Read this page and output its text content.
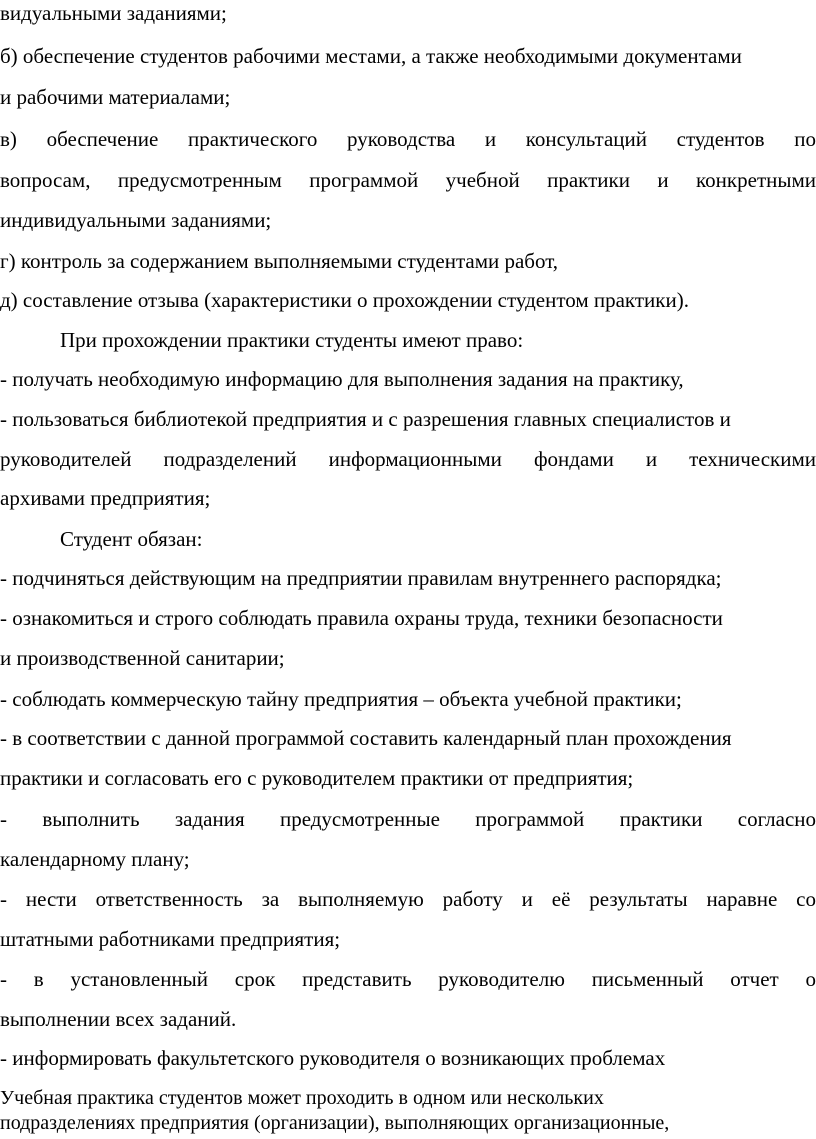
видуальными заданиями;

б) обеспечение студентов рабочими местами, а также необходимыми документами

и рабочими материалами;

в) обеспечение практического руководства и консультаций студентов по

вопросам, предусмотренным программой учебной практики и конкретными

индивидуальными заданиями;

г) контроль за содержанием выполняемыми студентами работ,

д) составление отзыва (характеристики о прохождении студентом практики).

При прохождении практики студенты имеют право:

- получать необходимую информацию для выполнения задания на практику,

- пользоваться библиотекой предприятия и с разрешения главных специалистов и

руководителей подразделений информационными фондами и техническими

архивами предприятия;

Студент обязан:

- подчиняться действующим на предприятии правилам внутреннего распорядка;

- ознакомиться и строго соблюдать правила охраны труда, техники безопасности

и производственной санитарии;

- соблюдать коммерческую тайну предприятия – объекта учебной практики;

- в соответствии с данной программой составить календарный план прохождения

практики и согласовать его с руководителем практики от предприятия;

- выполнить задания предусмотренные программой практики согласно

календарному плану;

- нести ответственность за выполняемую работу и её результаты наравне со

штатными работниками предприятия;

- в установленный срок представить руководителю письменный отчет о

выполнении всех заданий.

- информировать факультетского руководителя о возникающих проблемах

Учебная практика студентов может проходить в одном или нескольких

подразделениях предприятия (организации), выполняющих организационные,
